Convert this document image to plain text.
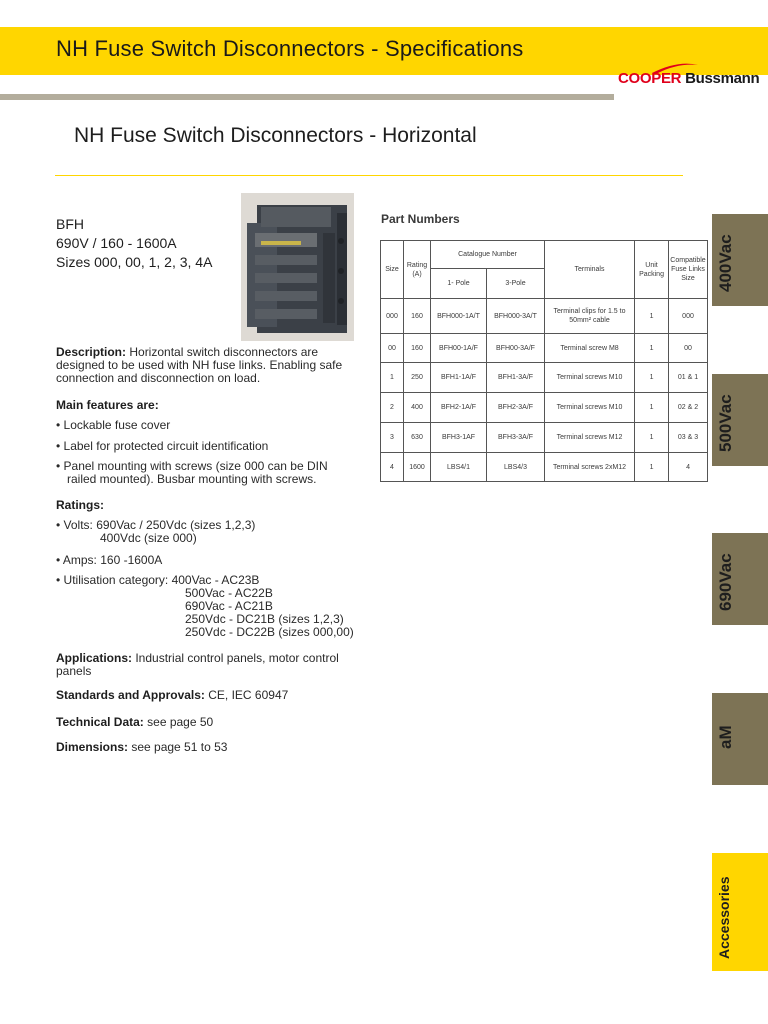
NH Fuse Switch Disconnectors - Specifications
COOPER Bussmann
NH Fuse Switch Disconnectors - Horizontal
BFH
690V / 160 - 1600A
Sizes 000, 00, 1, 2, 3, 4A
Description: Horizontal switch disconnectors are
designed to be used with NH fuse links. Enabling safe
connection and disconnection on load.
Main features are:
• Lockable fuse cover
• Label for protected circuit identification
• Panel mounting with screws (size 000 can be DIN
railed mounted). Busbar mounting with screws.
Ratings:
• Volts: 690Vac / 250Vdc (sizes 1,2,3)
400Vdc (size 000)
• Amps: 160 -1600A
• Utilisation category: 400Vac - AC23B
500Vac - AC22B
690Vac - AC21B
250Vdc - DC21B (sizes 1,2,3)
250Vdc - DC22B (sizes 000,00)
Applications: Industrial control panels, motor control
panels
Standards and Approvals: CE, IEC 60947
Technical Data: see page 50
Dimensions: see page 51 to 53
Part Numbers
Size	Rating
(A)	Catalogue Number		Terminals	Unit
Packing	Compatible
Fuse Links
Size
		1- Pole	3-Pole			
000	160	BFH000-1A/T	BFH000-3A/T	Terminal clips for 1.5 to
50mm² cable	1	000
00	160	BFH00-1A/F	BFH00-3A/F	Terminal screw M8	1	00
1	250	BFH1-1A/F	BFH1-3A/F	Terminal screws M10	1	01 & 1
2	400	BFH2-1A/F	BFH2-3A/F	Terminal screws M10	1	02 & 2
3	630	BFH3-1AF	BFH3-3A/F	Terminal screws M12	1	03 & 3
4	1600	LBS4/1	LBS4/3	Terminal screws 2xM12	1	4
400Vac
500Vac
690Vac
aM
Accessories
